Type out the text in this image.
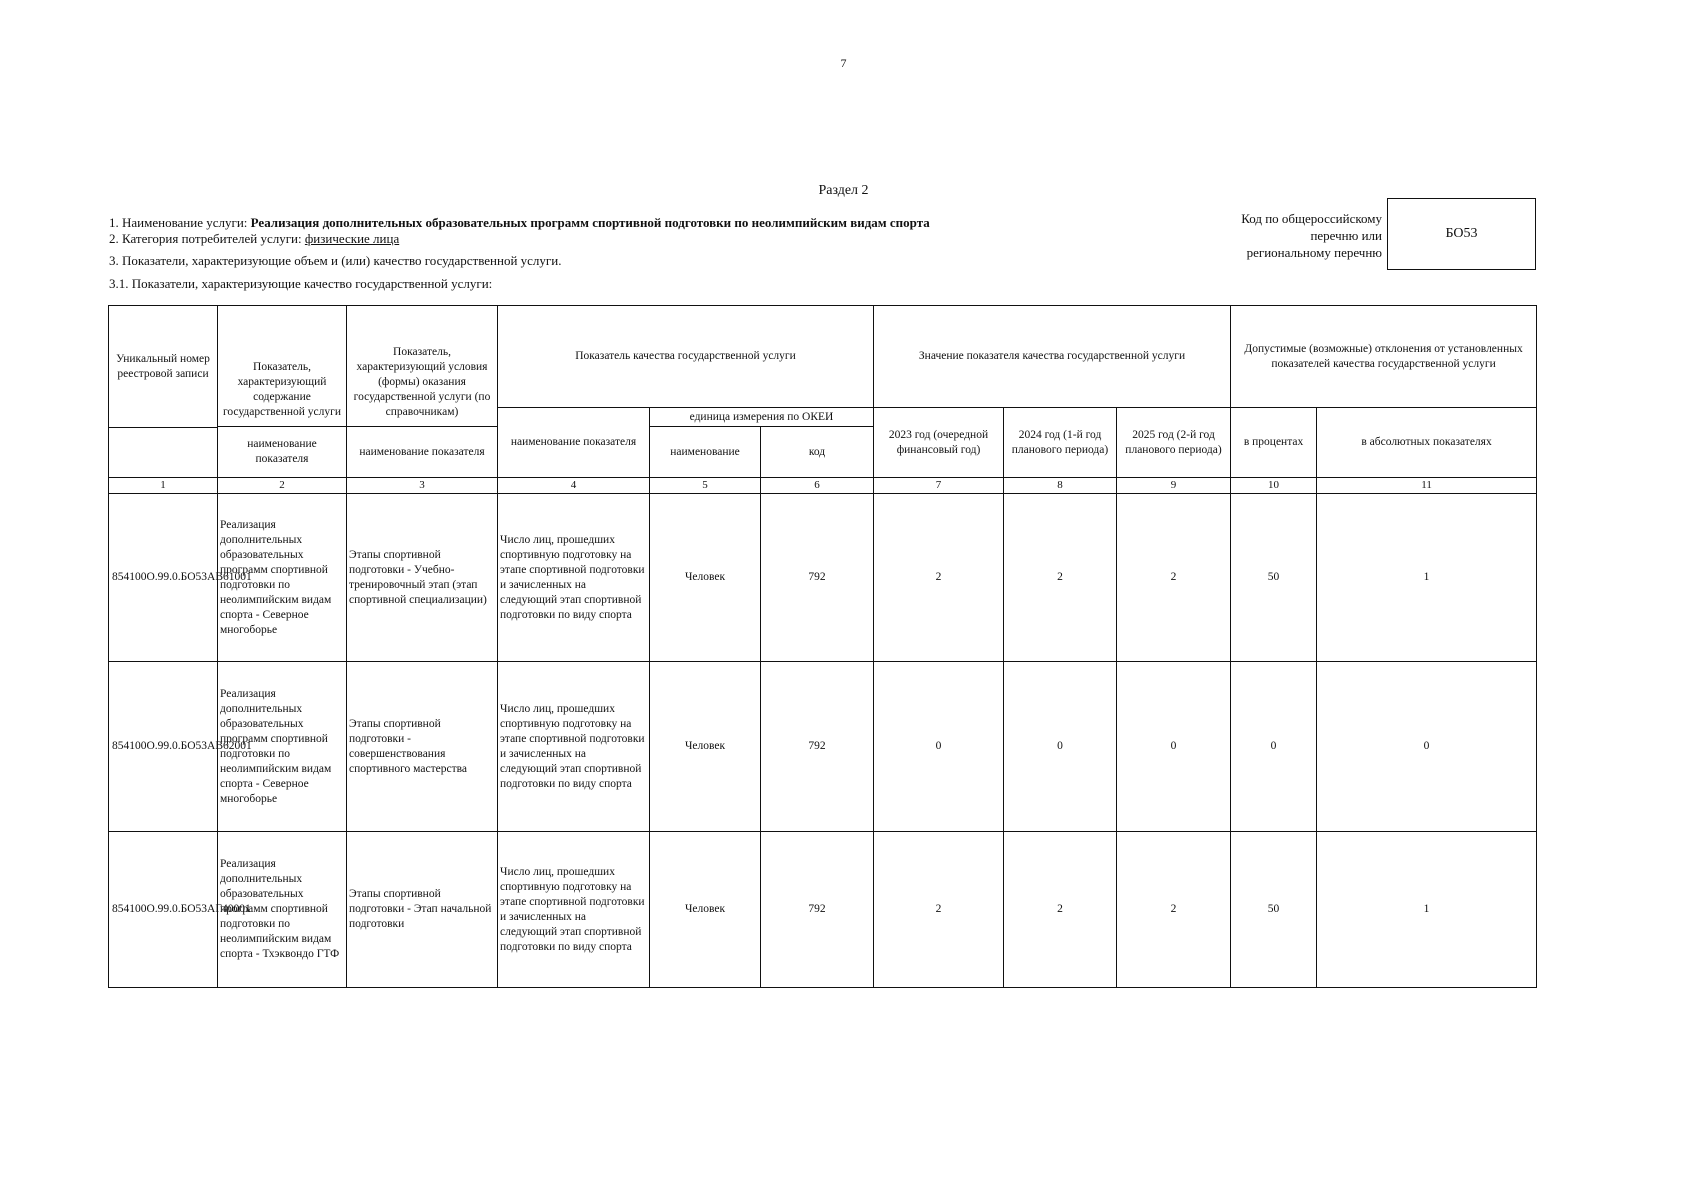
7
Раздел 2
1. Наименование услуги: Реализация дополнительных образовательных программ спортивной подготовки по неолимпийским видам спорта
2. Категория потребителей услуги: физические лица
3. Показатели, характеризующие объем и (или) качество государственной услуги.
3.1. Показатели, характеризующие качество государственной услуги:
Код по общероссийскому
перечню или
региональному перечню
БО53
Уникальный номер реестровой записи	Показатель, характеризующий содержание государственной услуги	Показатель, характеризующий условия (формы) оказания государственной услуги (по справочникам)	Показатель качества государственной услуги			Значение показателя качества государственной услуги			Допустимые (возможные) отклонения от установленных показателей качества государственной услуги	
			наименование показателя	единица измерения по ОКЕИ		2023 год (очередной финансовый год)	2024 год (1-й год планового периода)	2025 год (2-й год планового периода)	в процентах	в абсолютных показателях
	наименование показателя	наименование показателя		наименование	код					

1	2	3	4	5	6	7	8	9	10	11
854100О.99.0.БО53АВ61001	Реализация дополнительных образовательных программ спортивной подготовки по неолимпийским видам спорта - Северное многоборье	Этапы спортивной подготовки - Учебно-тренировочный этап (этап спортивной специализации)	Число лиц, прошедших спортивную подготовку на этапе спортивной подготовки и зачисленных на следующий этап спортивной подготовки по виду спорта	Человек	792	2	2	2	50	1
854100О.99.0.БО53АВ62001	Реализация дополнительных образовательных программ спортивной подготовки по неолимпийским видам спорта - Северное многоборье	Этапы спортивной подготовки - совершенствования спортивного мастерства	Число лиц, прошедших спортивную подготовку на этапе спортивной подготовки и зачисленных на следующий этап спортивной подготовки по виду спорта	Человек	792	0	0	0	0	0
854100О.99.0.БО53АГ40001	Реализация дополнительных образовательных программ спортивной подготовки по неолимпийским видам спорта - Тхэквондо ГТФ	Этапы спортивной подготовки - Этап начальной подготовки	Число лиц, прошедших спортивную подготовку на этапе спортивной подготовки и зачисленных на следующий этап спортивной подготовки по виду спорта	Человек	792	2	2	2	50	1
